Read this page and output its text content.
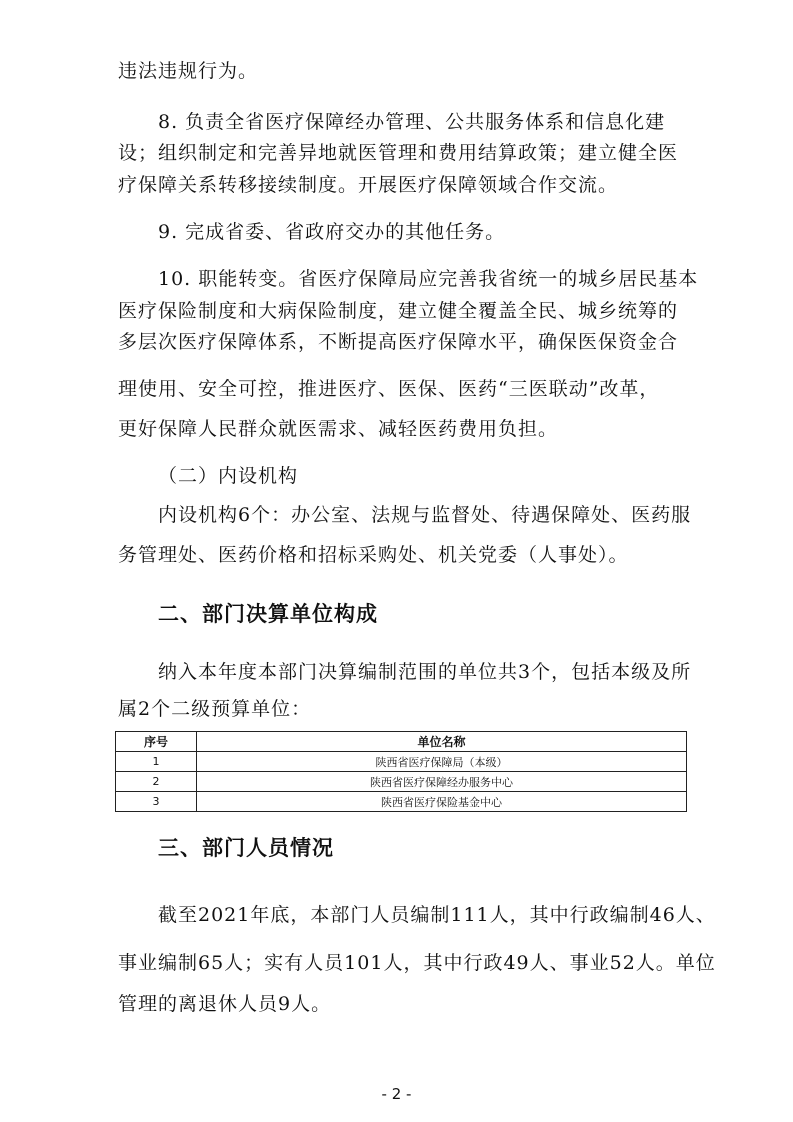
违法违规行为。

8. 负责全省医疗保障经办管理、公共服务体系和信息化建

设；组织制定和完善异地就医管理和费用结算政策；建立健全医

疗保障关系转移接续制度。开展医疗保障领域合作交流。

9. 完成省委、省政府交办的其他任务。

10. 职能转变。省医疗保障局应完善我省统一的城乡居民基本

医疗保险制度和大病保险制度，建立健全覆盖全民、城乡统筹的

多层次医疗保障体系，不断提高医疗保障水平，确保医保资金合

理使用、安全可控，推进医疗、医保、医药“三医联动”改革，

更好保障人民群众就医需求、减轻医药费用负担。

（二）内设机构

内设机构6个：办公室、法规与监督处、待遇保障处、医药服

务管理处、医药价格和招标采购处、机关党委（人事处）。

二、部门决算单位构成

纳入本年度本部门决算编制范围的单位共3个，包括本级及所

属2个二级预算单位：

序号	单位名称
1	陕西省医疗保障局（本级）
2	陕西省医疗保障经办服务中心
3	陕西省医疗保险基金中心
三、部门人员情况

截至2021年底，本部门人员编制111人，其中行政编制46人、

事业编制65人；实有人员101人，其中行政49人、事业52人。单位

管理的离退休人员9人。

- 2 -
